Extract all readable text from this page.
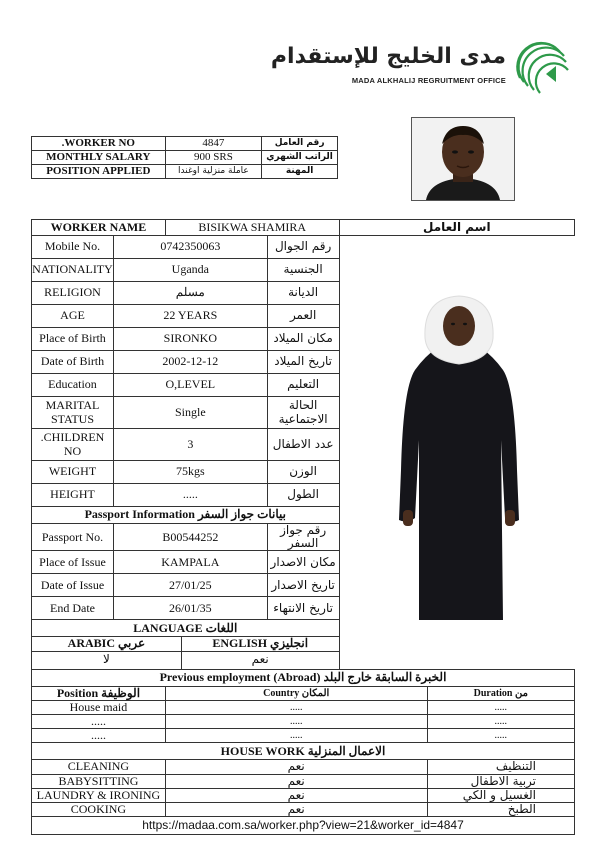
مدى الخليج للإستقدام
MADA ALKHALIJ REGRUITMENT OFFICE
.WORKER NO	4847	رقم العامل
MONTHLY SALARY	900 SRS	الراتب الشهري
POSITION APPLIED	عاملة منزلية اوغندا	المهنة
WORKER NAME	BISIKWA SHAMIRA	اسم العامل
Mobile No.	0742350063	رقم الجوال	
NATIONALITY	Uganda	الجنسية
RELIGION	مسلم	الديانة
AGE	22 YEARS	العمر
Place of Birth	SIRONKO	مكان الميلاد
Date of Birth	2002-12-12	تاريخ الميلاد
Education	O,LEVEL	التعليم
MARITAL STATUS	Single	الحالة الاجتماعية
.CHILDREN NO	3	عدد الاطفال
WEIGHT	75kgs	الوزن
HEIGHT	.....	الطول
Passport Information بيانات جواز السفر
Passport No.	B00544252	رقم جواز السفر
Place of Issue	KAMPALA	مكان الاصدار
Date of Issue	27/01/25	تاريخ الاصدار
End Date	26/01/35	تاريخ الانتهاء
LANGUAGE اللغات	
ARABIC عربي	ENGLISH انجليزي	
لا	نعم	
Previous employment (Abroad) الخبرة السابقة خارج البلد
Position الوظيفة		Country المكان	Duration من

House maid		.....	.....

.....		.....	.....

.....		.....	.....

HOUSE WORK الاعمال المنزلية
CLEANING		نعم	التنظيف

BABYSITTING		نعم	تربية الاطفال

LAUNDRY & IRONING		نعم	الغسيل و الكي

COOKING		نعم	الطبخ

https://madaa.com.sa/worker.php?view=21&worker_id=4847
